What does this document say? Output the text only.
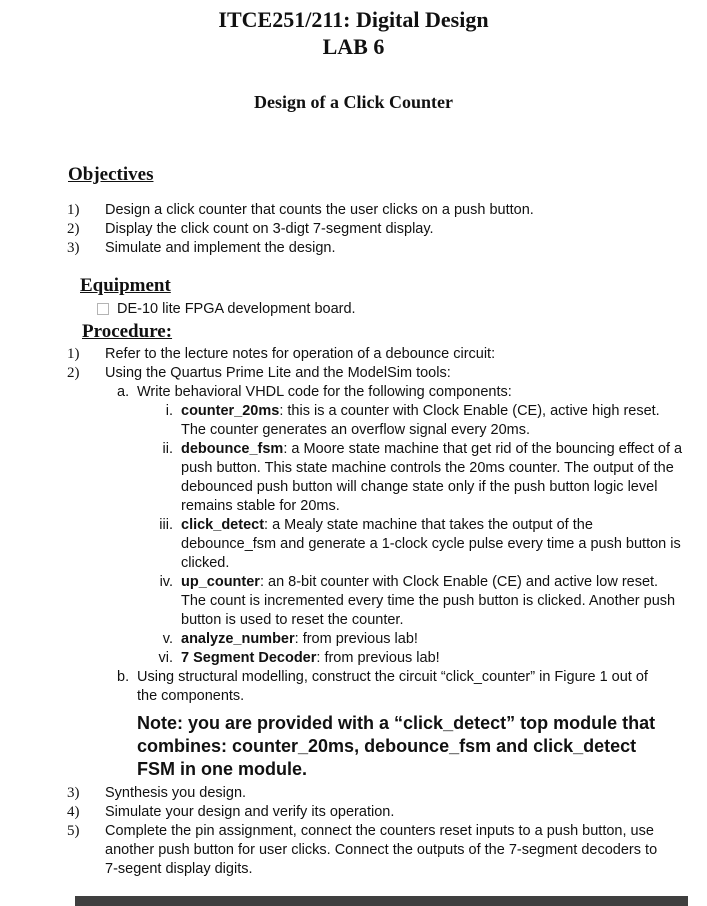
ITCE251/211: Digital Design
LAB 6
Design of a Click Counter
Objectives
1)	Design a click counter that counts the user clicks on a push button.
2)	Display the click count on 3-digt 7-segment display.
3)	Simulate and implement the design.
Equipment
DE-10 lite FPGA development board.
Procedure:
1)	Refer to the lecture notes for operation of a debounce circuit:
2)	Using the Quartus Prime Lite and the ModelSim tools:
a. Write behavioral VHDL code for the following components:
i. counter_20ms: this is a counter with Clock Enable (CE), active high reset. The counter generates an overflow signal every 20ms.
ii. debounce_fsm: a Moore state machine that get rid of the bouncing effect of a push button. This state machine controls the 20ms counter. The output of the debounced push button will change state only if the push button logic level remains stable for 20ms.
iii. click_detect: a Mealy state machine that takes the output of the debounce_fsm and generate a 1-clock cycle pulse every time a push button is clicked.
iv. up_counter: an 8-bit counter with Clock Enable (CE) and active low reset. The count is incremented every time the push button is clicked. Another push button is used to reset the counter.
v. analyze_number: from previous lab!
vi. 7 Segment Decoder: from previous lab!
b. Using structural modelling, construct the circuit “click_counter” in Figure 1 out of the components.
Note: you are provided with a “click_detect” top module that combines: counter_20ms, debounce_fsm and click_detect FSM in one module.
3)	Synthesis you design.
4)	Simulate your design and verify its operation.
5)	Complete the pin assignment, connect the counters reset inputs to a push button, use another push button for user clicks. Connect the outputs of the 7-segment decoders to 7-segent display digits.
